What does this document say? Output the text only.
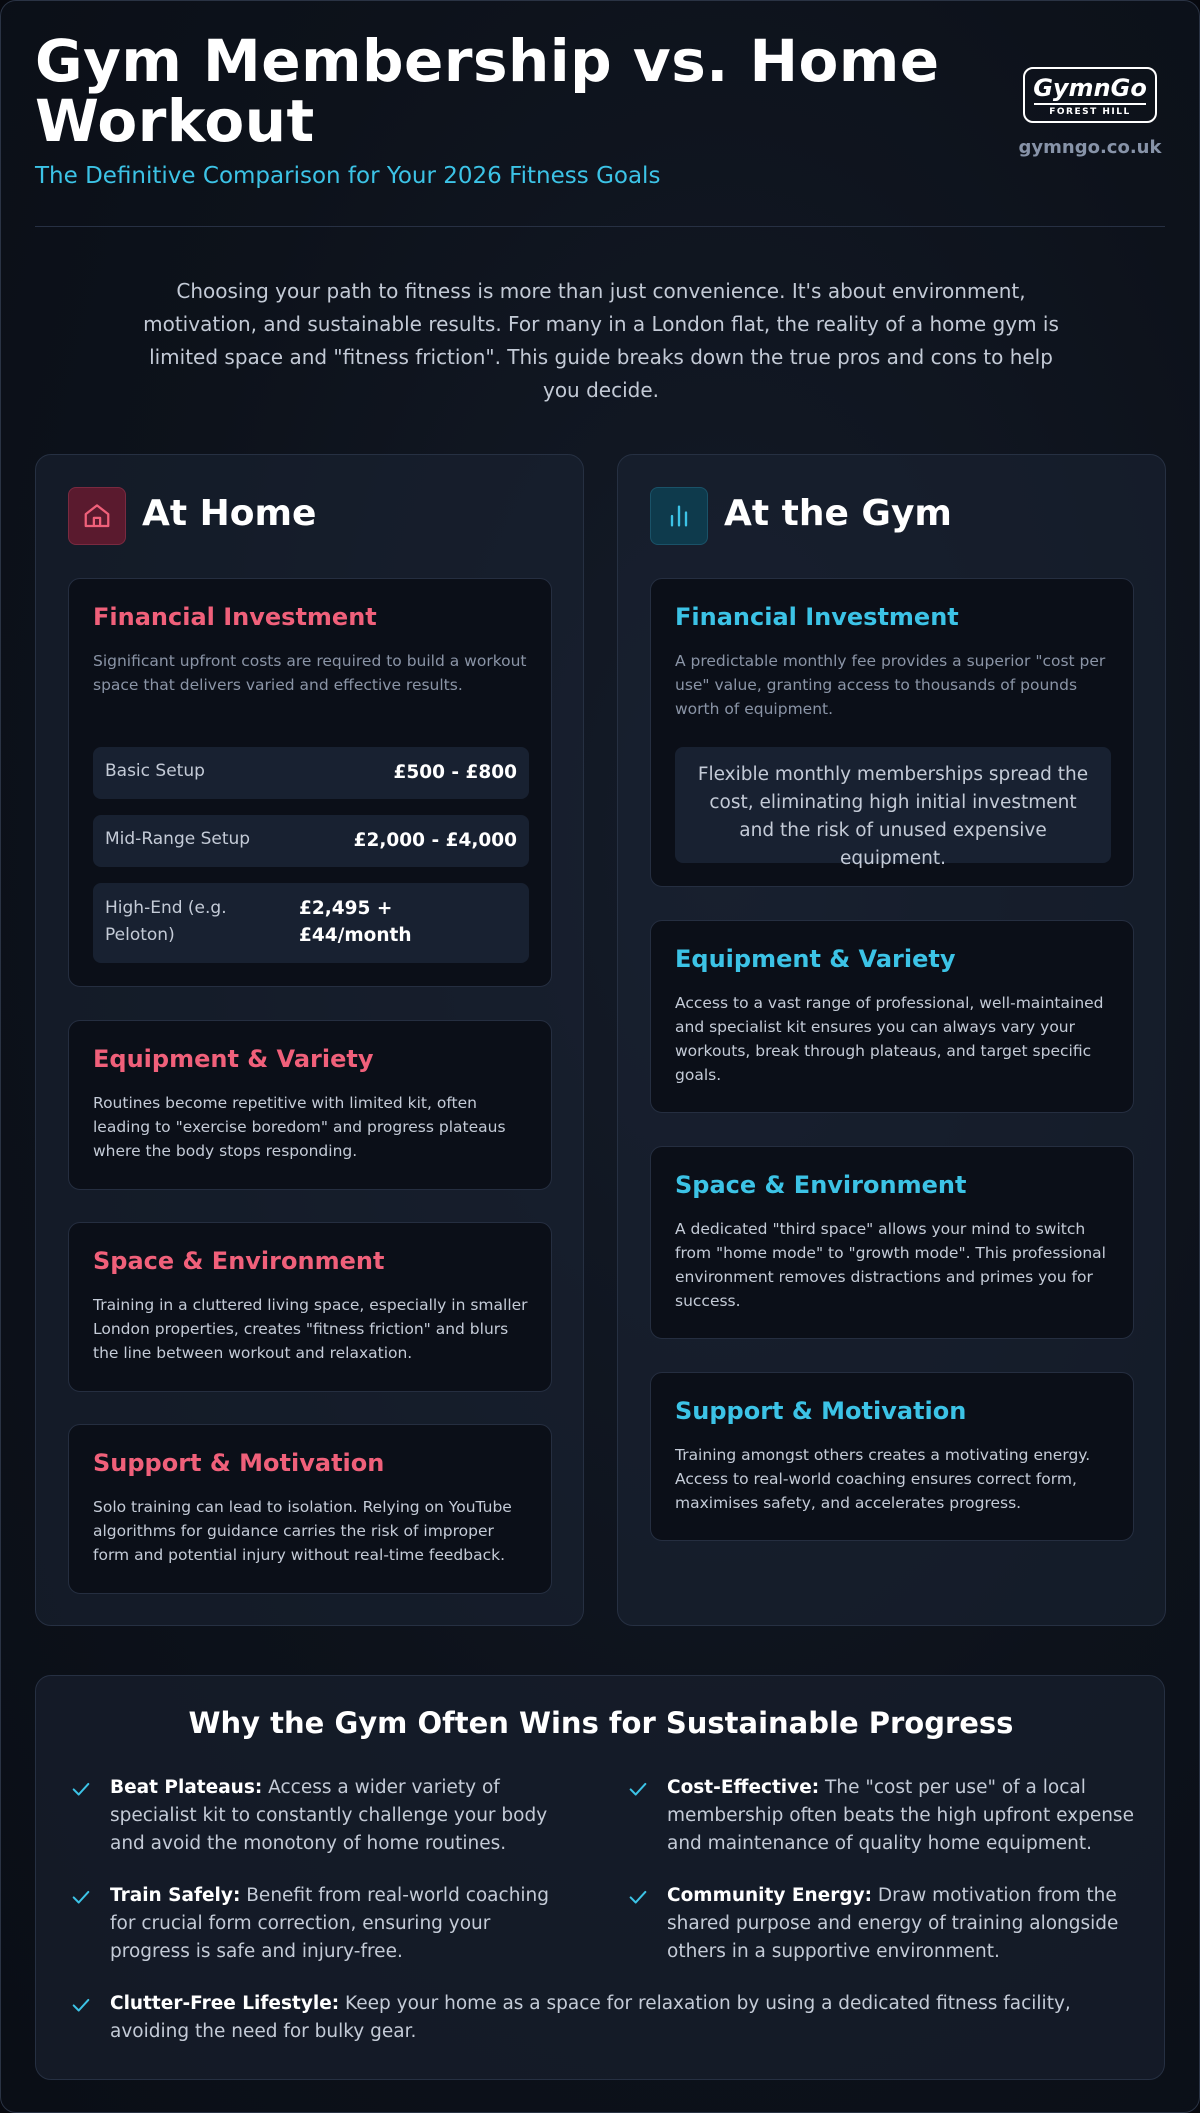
Gym Membership vs. Home Workout
The Definitive Comparison for Your 2026 Fitness Goals
GymnGo
FOREST HILL
gymngo.co.uk
Choosing your path to fitness is more than just convenience. It's about environment, motivation, and sustainable results. For many in a London flat, the reality of a home gym is limited space and "fitness friction". This guide breaks down the true pros and cons to help you decide.
At Home
Financial Investment
Significant upfront costs are required to build a workout space that delivers varied and effective results.
Basic Setup	£500 - £800
Mid-Range Setup	£2,000 - £4,000
High-End (e.g. Peloton)
£2,495 + £44/month
Equipment & Variety
Routines become repetitive with limited kit, often leading to "exercise boredom" and progress plateaus where the body stops responding.
Space & Environment
Training in a cluttered living space, especially in smaller London properties, creates "fitness friction" and blurs the line between workout and relaxation.
Support & Motivation
Solo training can lead to isolation. Relying on YouTube algorithms for guidance carries the risk of improper form and potential injury without real-time feedback.
At the Gym
Financial Investment
A predictable monthly fee provides a superior "cost per use" value, granting access to thousands of pounds worth of equipment.
Flexible monthly memberships spread the cost, eliminating high initial investment and the risk of unused expensive equipment.
Equipment & Variety
Access to a vast range of professional, well-maintained and specialist kit ensures you can always vary your workouts, break through plateaus, and target specific goals.
Space & Environment
A dedicated "third space" allows your mind to switch from "home mode" to "growth mode". This professional environment removes distractions and primes you for success.
Support & Motivation
Training amongst others creates a motivating energy. Access to real-world coaching ensures correct form, maximises safety, and accelerates progress.
Why the Gym Often Wins for Sustainable Progress
Beat Plateaus: Access a wider variety of specialist kit to constantly challenge your body and avoid the monotony of home routines.
Cost-Effective: The "cost per use" of a local membership often beats the high upfront expense and maintenance of quality home equipment.
Train Safely: Benefit from real-world coaching for crucial form correction, ensuring your progress is safe and injury-free.
Community Energy: Draw motivation from the shared purpose and energy of training alongside others in a supportive environment.
Clutter-Free Lifestyle: Keep your home as a space for relaxation by using a dedicated fitness facility, avoiding the need for bulky gear.
